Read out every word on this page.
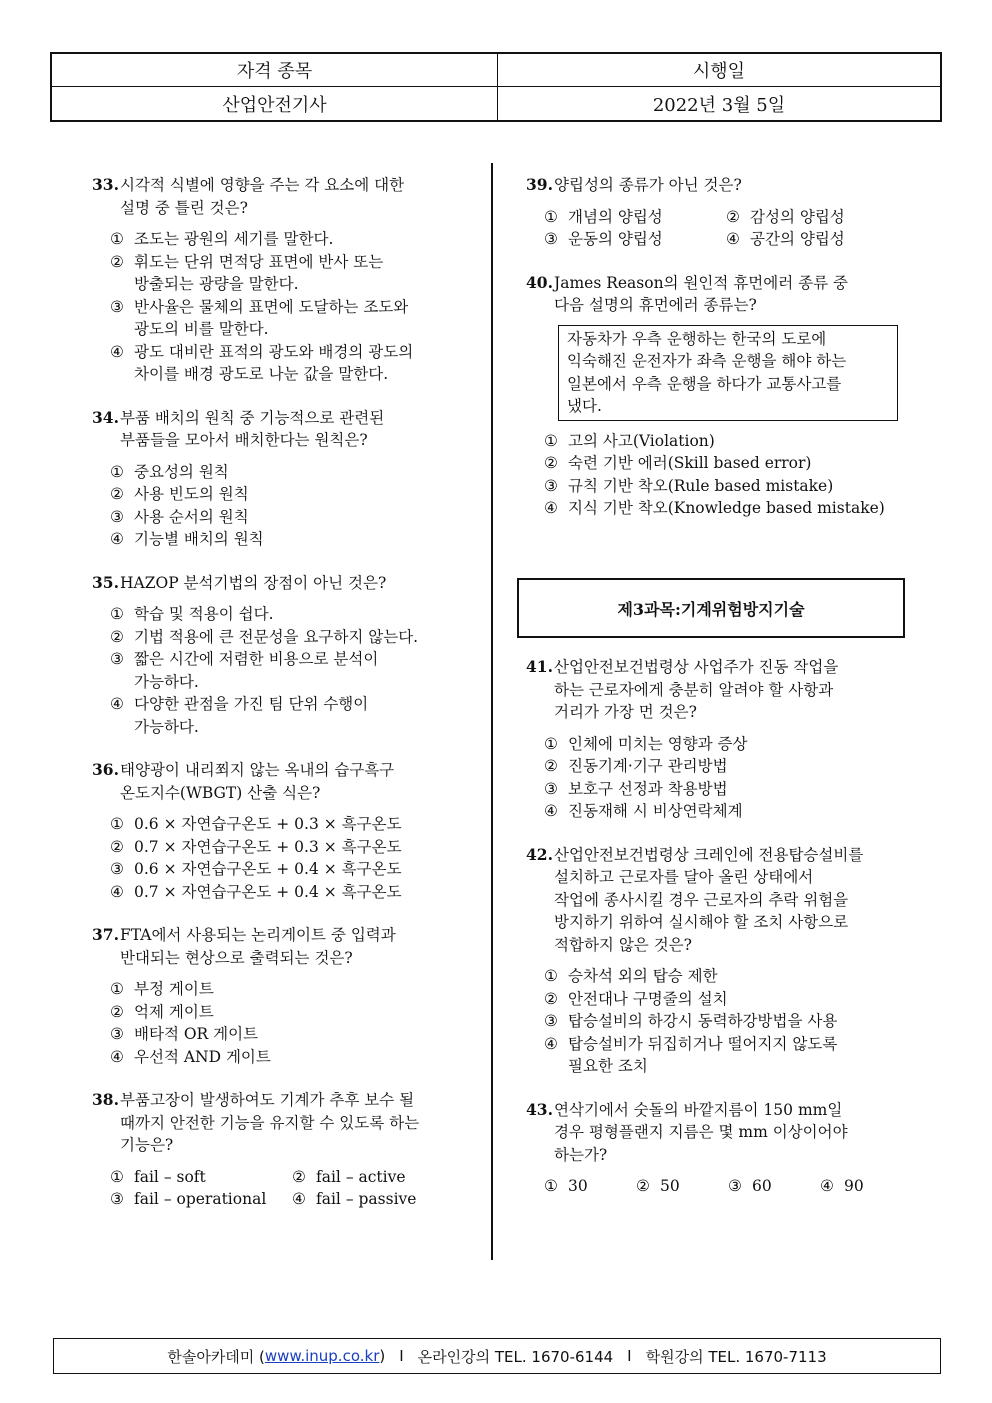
자격 종목	시행일
산업안전기사	2022년 3월 5일
33. 시각적 식별에 영향을 주는 각 요소에 대한
설명 중 틀린 것은?
① 조도는 광원의 세기를 말한다.
② 휘도는 단위 면적당 표면에 반사 또는
방출되는 광량을 말한다.
③ 반사율은 물체의 표면에 도달하는 조도와
광도의 비를 말한다.
④ 광도 대비란 표적의 광도와 배경의 광도의
차이를 배경 광도로 나눈 값을 말한다.
34. 부품 배치의 원칙 중 기능적으로 관련된
부품들을 모아서 배치한다는 원칙은?
① 중요성의 원칙
② 사용 빈도의 원칙
③ 사용 순서의 원칙
④ 기능별 배치의 원칙
35. HAZOP 분석기법의 장점이 아닌 것은?
① 학습 및 적용이 쉽다.
② 기법 적용에 큰 전문성을 요구하지 않는다.
③ 짧은 시간에 저렴한 비용으로 분석이
가능하다.
④ 다양한 관점을 가진 팀 단위 수행이
가능하다.
36. 태양광이 내리쬐지 않는 옥내의 습구흑구
온도지수(WBGT) 산출 식은?
① 0.6 × 자연습구온도 + 0.3 × 흑구온도
② 0.7 × 자연습구온도 + 0.3 × 흑구온도
③ 0.6 × 자연습구온도 + 0.4 × 흑구온도
④ 0.7 × 자연습구온도 + 0.4 × 흑구온도
37. FTA에서 사용되는 논리게이트 중 입력과
반대되는 현상으로 출력되는 것은?
① 부정 게이트
② 억제 게이트
③ 배타적 OR 게이트
④ 우선적 AND 게이트
38. 부품고장이 발생하여도 기계가 추후 보수 될
때까지 안전한 기능을 유지할 수 있도록 하는
기능은?
① fail – soft	② fail – active
③ fail – operational	④ fail – passive
39. 양립성의 종류가 아닌 것은?
① 개념의 양립성	② 감성의 양립성
③ 운동의 양립성	④ 공간의 양립성
40. James Reason의 원인적 휴먼에러 종류 중
다음 설명의 휴먼에러 종류는?
자동차가 우측 운행하는 한국의 도로에
익숙해진 운전자가 좌측 운행을 해야 하는
일본에서 우측 운행을 하다가 교통사고를
냈다.
① 고의 사고(Violation)
② 숙련 기반 에러(Skill based error)
③ 규칙 기반 착오(Rule based mistake)
④ 지식 기반 착오(Knowledge based mistake)
제3과목:기계위험방지기술
41. 산업안전보건법령상 사업주가 진동 작업을
하는 근로자에게 충분히 알려야 할 사항과
거리가 가장 먼 것은?
① 인체에 미치는 영향과 증상
② 진동기계·기구 관리방법
③ 보호구 선정과 착용방법
④ 진동재해 시 비상연락체계
42. 산업안전보건법령상 크레인에 전용탑승설비를
설치하고 근로자를 달아 올린 상태에서
작업에 종사시킬 경우 근로자의 추락 위험을
방지하기 위하여 실시해야 할 조치 사항으로
적합하지 않은 것은?
① 승차석 외의 탑승 제한
② 안전대나 구명줄의 설치
③ 탑승설비의 하강시 동력하강방법을 사용
④ 탑승설비가 뒤집히거나 떨어지지 않도록
필요한 조치
43. 연삭기에서 숫돌의 바깥지름이 150 mm일
경우 평형플랜지 지름은 몇 mm 이상이어야
하는가?
① 30	② 50	③ 60	④ 90
한솔아카데미 ( www.inup.co.kr ) I 온라인강의 TEL. 1670-6144 I 학원강의 TEL. 1670-7113
